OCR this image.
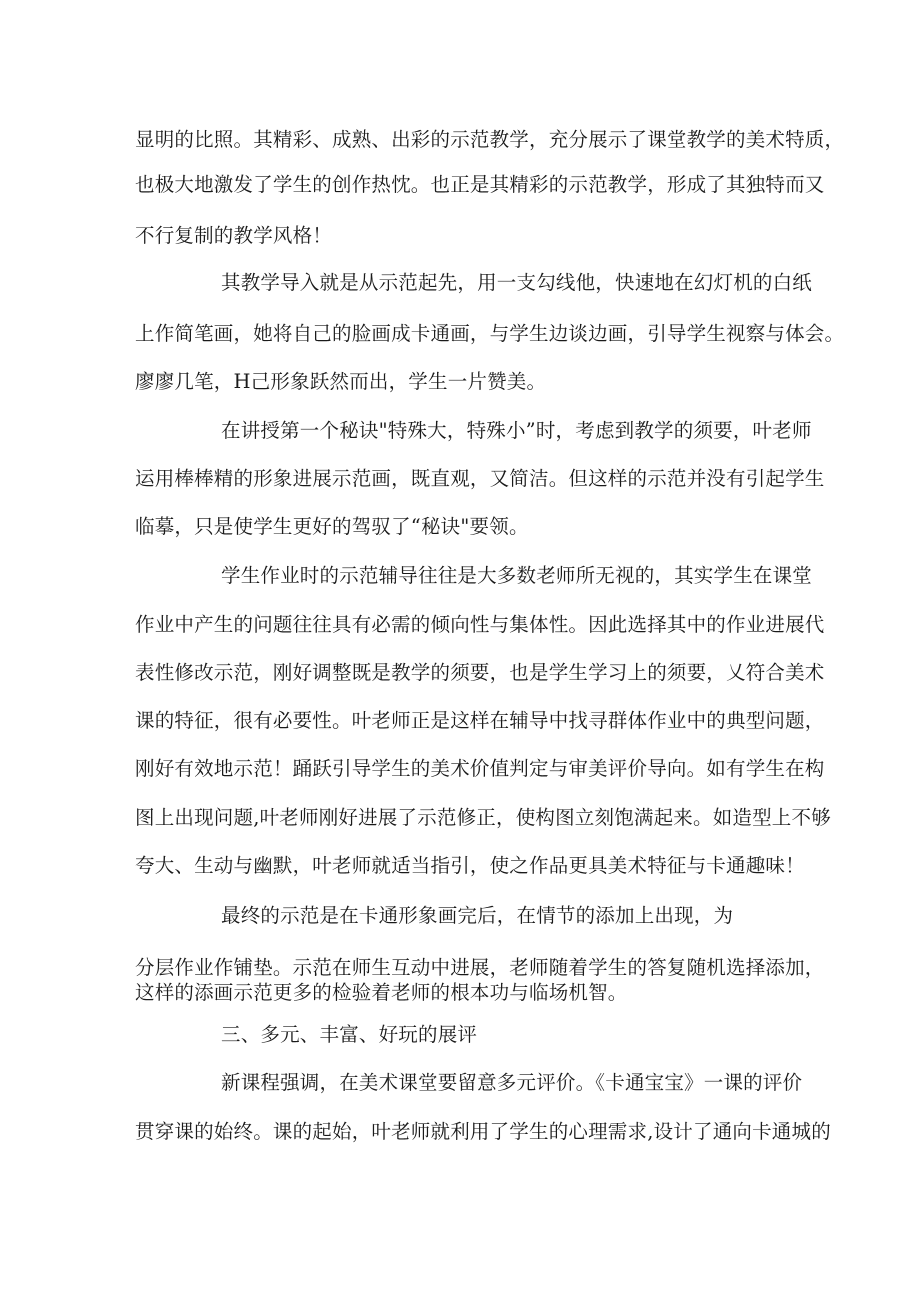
显明的比照。其精彩、成熟、出彩的示范教学，充分展示了课堂教学的美术特质，
也极大地激发了学生的创作热忱。也正是其精彩的示范教学，形成了其独特而又
不行复制的教学风格！
其教学导入就是从示范起先，用一支勾线他，快速地在幻灯机的白纸
上作简笔画，她将自己的脸画成卡通画，与学生边谈边画，引导学生视察与体会。
廖廖几笔，H己形象跃然而出，学生一片赞美。
在讲授第一个秘诀"特殊大，特殊小”时，考虑到教学的须要，叶老师
运用棒棒精的形象进展示范画，既直观，又简洁。但这样的示范并没有引起学生
临摹，只是使学生更好的驾驭了“秘诀"要领。
学生作业时的示范辅导往往是大多数老师所无视的，其实学生在课堂
作业中产生的问题往往具有必需的倾向性与集体性。因此选择其中的作业进展代
表性修改示范，刚好调整既是教学的须要，也是学生学习上的须要，乂符合美术
课的特征，很有必要性。叶老师正是这样在辅导中找寻群体作业中的典型问题，
刚好有效地示范！踊跃引导学生的美术价值判定与审美评价导向。如有学生在构
图上出现问题,叶老师刚好进展了示范修正，使构图立刻饱满起来。如造型上不够
夸大、生动与幽默，叶老师就适当指引，使之作品更具美术特征与卡通趣味！
最终的示范是在卡通形象画完后，在情节的添加上出现，为
分层作业作铺垫。示范在师生互动中进展，老师随着学生的答复随机选择添加，
这样的添画示范更多的检验着老师的根本功与临场机智。
三、多元、丰富、好玩的展评
新课程强调，在美术课堂要留意多元评价。《卡通宝宝》一课的评价
贯穿课的始终。课的起始，叶老师就利用了学生的心理需求,设计了通向卡通城的
